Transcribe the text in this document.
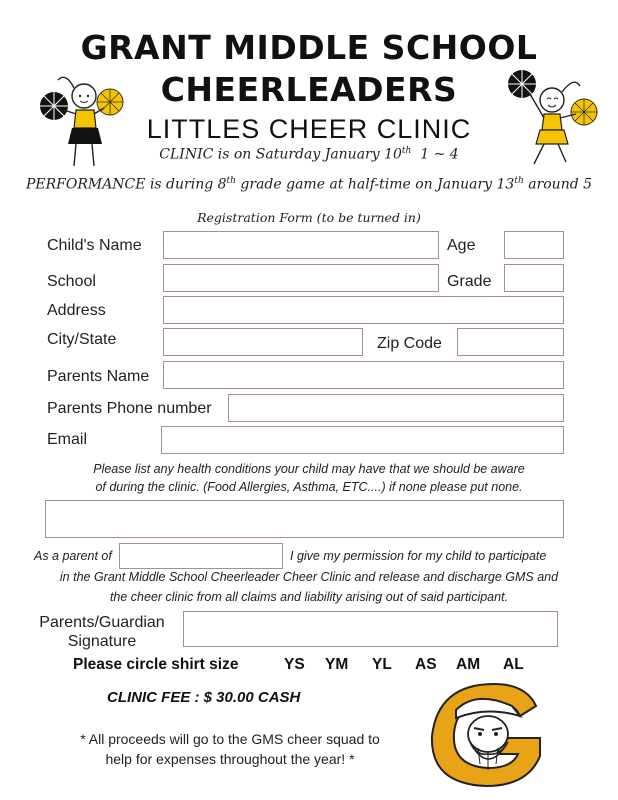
GRANT MIDDLE SCHOOL
CHEERLEADERS
LITTLES CHEER CLINIC
CLINIC is on Saturday January 10th 1 ~ 4
PERFORMANCE is during 8th grade game at half-time on January 13th around 5
Registration Form (to be turned in)
Child's Name	Age
School	Grade
Address
City/State	Zip Code
Parents Name
Parents Phone number
Email
Please list any health conditions your child may have that we should be aware
of during the clinic. (Food Allergies, Asthma, ETC....) if none please put none.
As a parent of	I give my permission for my child to participate
in the Grant Middle School Cheerleader Cheer Clinic and release and discharge GMS and
the cheer clinic from all claims and liability arising out of said participant.
Parents/Guardian
Signature
Please circle shirt size	YS YM YL AS AM AL
CLINIC FEE : $ 30.00 CASH
* All proceeds will go to the GMS cheer squad to
help for expenses throughout the year! *
